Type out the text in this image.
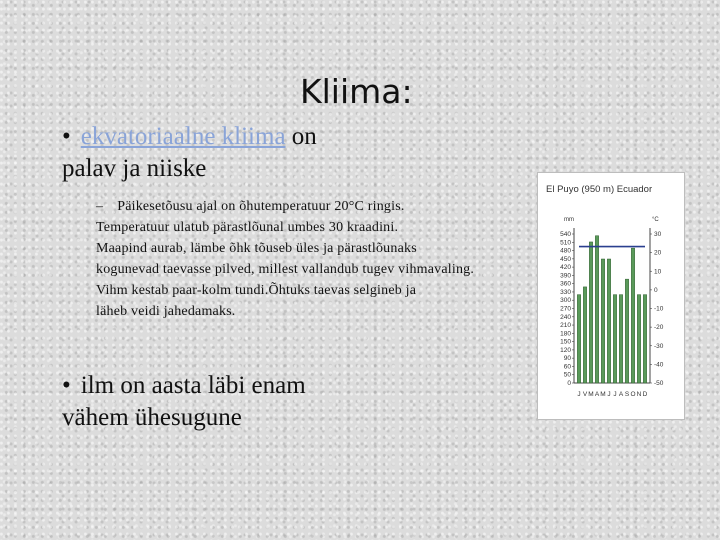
Kliima:

• ekvatoriaalne kliima on
palav ja niiske

– Päikesetõusu ajal on õhutemperatuur 20°C ringis.
Temperatuur ulatub pärastlõunal umbes 30 kraadini.
Maapind aurab, lämbe õhk tõuseb üles ja pärastlõunaks
kogunevad taevasse pilved, millest vallandub tugev vihmavaling.
Vihm kestab paar-kolm tundi.Õhtuks taevas selgineb ja
läheb veidi jahedamaks.

• ilm on aasta läbi enam
vähem ühesugune

El Puyo (950 m) Ecuador
mm	°C
540
510
480
450
420
390
360
330
300
270
240
210
180
150
120
90
60
50
0
30
20
10
0
-10
-20
-30
-40
-50
J V M A M J J A S O N D
